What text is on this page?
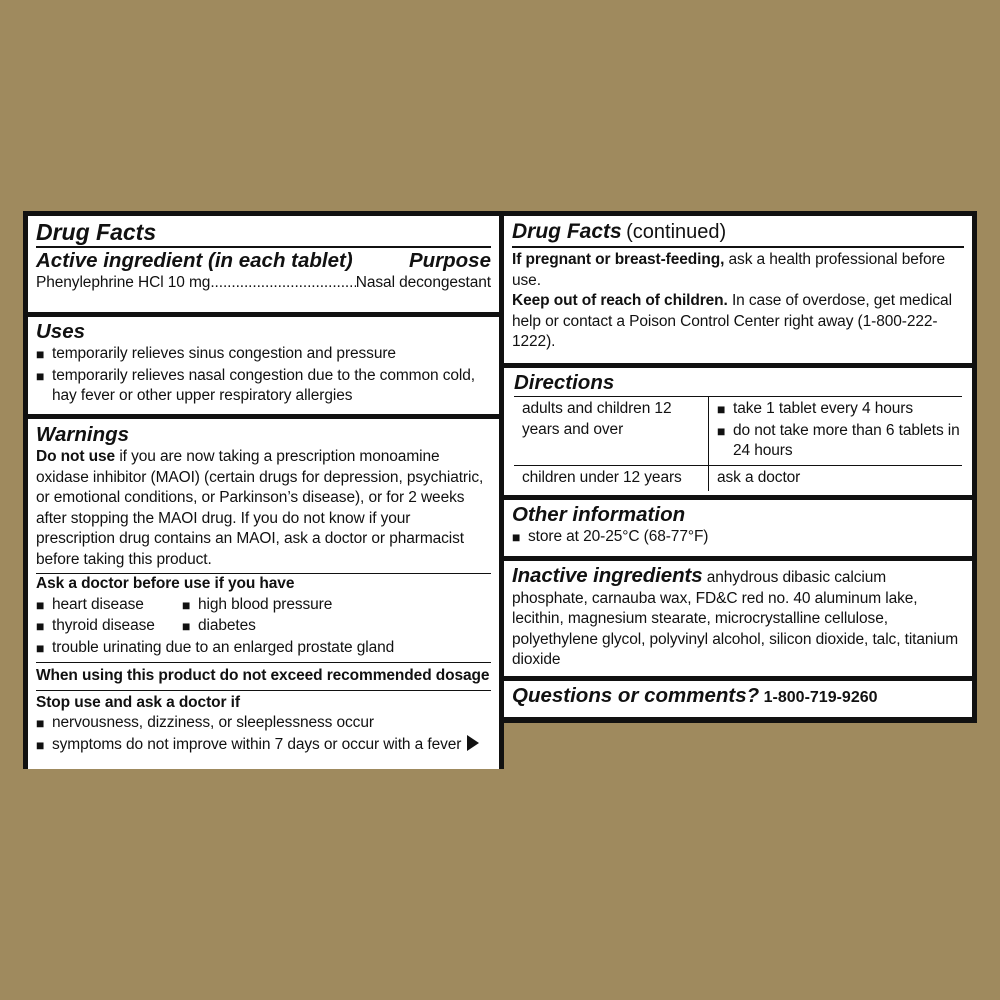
Drug Facts
Active ingredient (in each tablet)	Purpose
Phenylephrine HCl 10 mg .....	Nasal decongestant
Uses
■
temporarily relieves sinus congestion and pressure
■
temporarily relieves nasal congestion due to the common cold, hay fever or other upper respiratory allergies
Warnings
Do not use if you are now taking a prescription monoamine oxidase inhibitor (MAOI) (certain drugs for depression, psychiatric, or emotional conditions, or Parkinson’s disease), or for 2 weeks after stopping the MAOI drug. If you do not know if your prescription drug contains an MAOI, ask a doctor or pharmacist before taking this product.
Ask a doctor before use if you have
■
heart disease ■	high blood pressure
■
thyroid disease ■	diabetes
■
trouble urinating due to an enlarged prostate gland
When using this product do not exceed recommended dosage
Stop use and ask a doctor if
■
nervousness, dizziness, or sleeplessness occur
■
symptoms do not improve within 7 days or occur with a fever
Drug Facts (continued)
If pregnant or breast-feeding, ask a health professional before use.
Keep out of reach of children. In case of overdose, get medical help or contact a Poison Control Center right away (1-800-222-1222).
Directions
adults and children 12 years and over	
■
take 1 tablet every 4 hours
■
do not take more than 6 tablets in 24 hours

children under 12 years	ask a doctor
Other information
■
store at 20-25°C (68-77°F)
Inactive ingredients anhydrous dibasic calcium phosphate, carnauba wax, FD&C red no. 40 aluminum lake, lecithin, magnesium stearate, microcrystalline cellulose, polyethylene glycol, polyvinyl alcohol, silicon dioxide, talc, titanium dioxide
Questions or comments? 1-800-719-9260
